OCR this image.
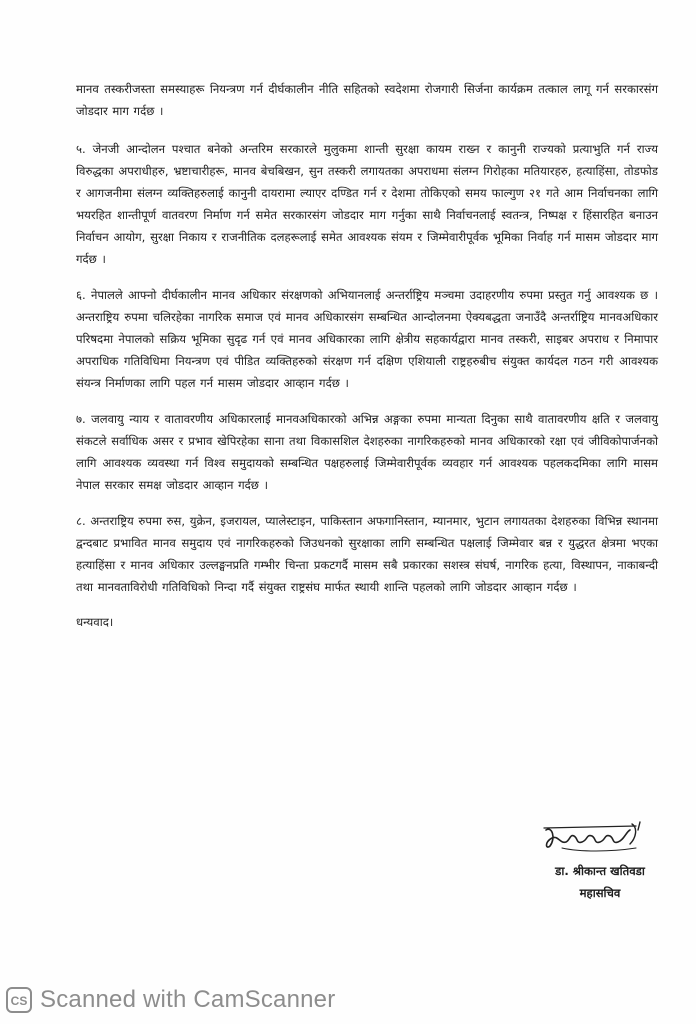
मानव तस्करीजस्ता समस्याहरू नियन्त्रण गर्न दीर्घकालीन नीति सहितको स्वदेशमा रोजगारी सिर्जना कार्यक्रम तत्काल लागू गर्न सरकारसंग जोडदार माग गर्दछ ।

५. जेनजी आन्दोलन पश्चात बनेको अन्तरिम सरकारले मुलुकमा शान्ती सुरक्षा कायम राख्न र कानुनी राज्यको प्रत्याभुति गर्न राज्य विरुद्धका अपराधीहरु, भ्रष्टाचारीहरू, मानव बेचबिखन, सुन तस्करी लगायतका अपराधमा संलग्न गिरोहका मतियारहरु, हत्याहिंसा, तोडफोड र आगजनीमा संलग्न व्यक्तिहरुलाई कानुनी दायरामा ल्याएर दण्डित गर्न र देशमा तोकिएको समय फाल्गुण २१ गते आम निर्वाचनका लागि भयरहित शान्तीपूर्ण वातवरण निर्माण गर्न समेत सरकारसंग जोडदार माग गर्नुका साथै निर्वाचनलाई स्वतन्त्र, निष्पक्ष र हिंसारहित बनाउन निर्वाचन आयोग, सुरक्षा निकाय र राजनीतिक दलहरूलाई समेत आवश्यक संयम र जिम्मेवारीपूर्वक भूमिका निर्वाह गर्न मासम जोडदार माग गर्दछ ।

६. नेपालले आफ्नो दीर्घकालीन मानव अधिकार संरक्षणको अभियानलाई अन्तर्राष्ट्रिय मञ्चमा उदाहरणीय रुपमा प्रस्तुत गर्नु आवश्यक छ । अन्तराष्ट्रिय रुपमा चलिरहेका नागरिक समाज एवं मानव अधिकारसंग सम्बन्धित आन्दोलनमा ऐक्यबद्धता जनाउँदै अन्तर्राष्ट्रिय मानवअधिकार परिषदमा नेपालको सक्रिय भूमिका सुदृढ गर्न एवं मानव अधिकारका लागि क्षेत्रीय सहकार्यद्वारा मानव तस्करी, साइबर अपराध र निमापार अपराधिक गतिविधिमा नियन्त्रण एवं पीडित व्यक्तिहरुको संरक्षण गर्न दक्षिण एशियाली राष्ट्रहरुबीच संयुक्त कार्यदल गठन गरी आवश्यक संयन्त्र निर्माणका लागि पहल गर्न मासम जोडदार आव्हान गर्दछ ।

७. जलवायु न्याय र वातावरणीय अधिकारलाई मानवअधिकारको अभिन्न अङ्गका रुपमा मान्यता दिनुका साथै वातावरणीय क्षति र जलवायु संकटले सर्वाधिक असर र प्रभाव खेपिरहेका साना तथा विकासशिल देशहरुका नागरिकहरुको मानव अधिकारको रक्षा एवं जीविकोपार्जनको लागि आवश्यक व्यवस्था गर्न विश्व समुदायको सम्बन्धित पक्षहरुलाई जिम्मेवारीपूर्वक व्यवहार गर्न आवश्यक पहलकदमिका लागि मासम नेपाल सरकार समक्ष जोडदार आव्हान गर्दछ ।

८. अन्तराष्ट्रिय रुपमा रुस, युक्रेन, इजरायल, प्यालेस्टाइन, पाकिस्तान अफगानिस्तान, म्यानमार, भुटान लगायतका देशहरुका विभिन्न स्थानमा द्वन्दबाट प्रभावित मानव समुदाय एवं नागरिकहरुको जिउधनको सुरक्षाका लागि सम्बन्धित पक्षलाई जिम्मेवार बन्न र युद्धरत क्षेत्रमा भएका हत्याहिंसा र मानव अधिकार उल्लङ्घनप्रति गम्भीर चिन्ता प्रकटगर्दै मासम सबै प्रकारका सशस्त्र संघर्ष, नागरिक हत्या, विस्थापन, नाकाबन्दी तथा मानवताविरोधी गतिविधिको निन्दा गर्दै संयुक्त राष्ट्रसंघ मार्फत स्थायी शान्ति पहलको लागि जोडदार आव्हान गर्दछ ।

धन्यवाद।
डा. श्रीकान्त खतिवडा
महासचिव
CS Scanned with CamScanner
